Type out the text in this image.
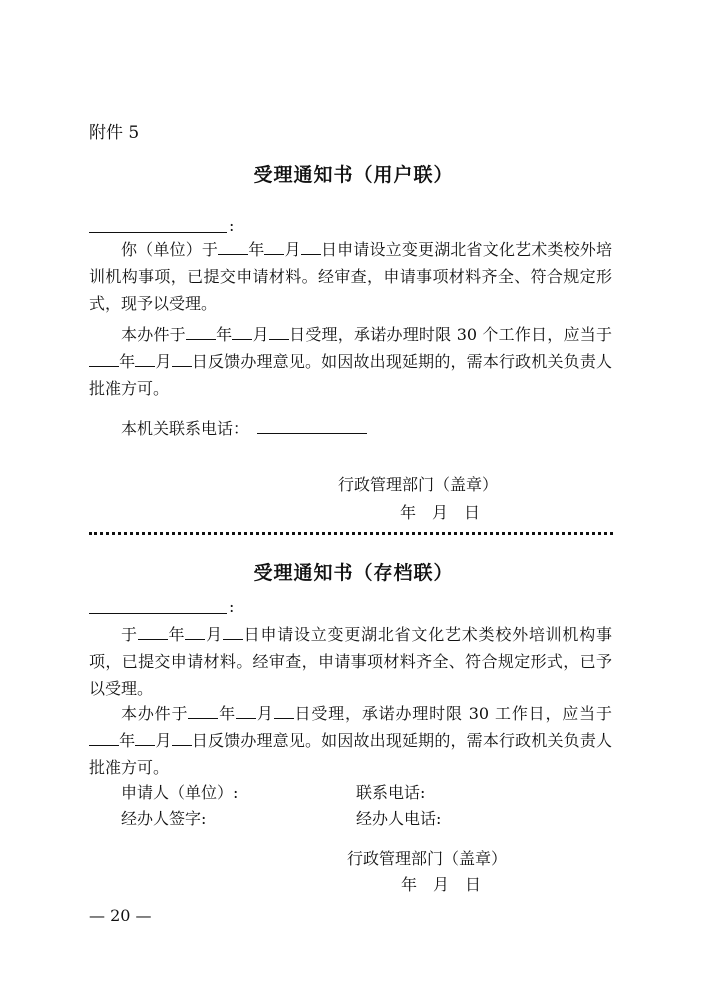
附件 5
受理通知书（用户联）
:
你（单位）于 年 月 日申请设立变更湖北省文化艺术类校外培训机构事项，已提交申请材料。经审查，申请事项材料齐全、符合规定形式，现予以受理。
本办件于 年 月 日受理，承诺办理时限 30 个工作日，应当于年 月 日反馈办理意见。如因故出现延期的，需本行政机关负责人批准方可。
本机关联系电话：
行政管理部门（盖章）
年　月　日
受理通知书（存档联）
:
于 年 月 日申请设立变更湖北省文化艺术类校外培训机构事项，已提交申请材料。经审查，申请事项材料齐全、符合规定形式，已予以受理。
本办件于 年 月 日受理，承诺办理时限 30 工作日，应当于年 月 日反馈办理意见。如因故出现延期的，需本行政机关负责人批准方可。
申请人（单位）:	联系电话:
经办人签字:	经办人电话:
行政管理部门（盖章）
年　月　日
— 20 —
